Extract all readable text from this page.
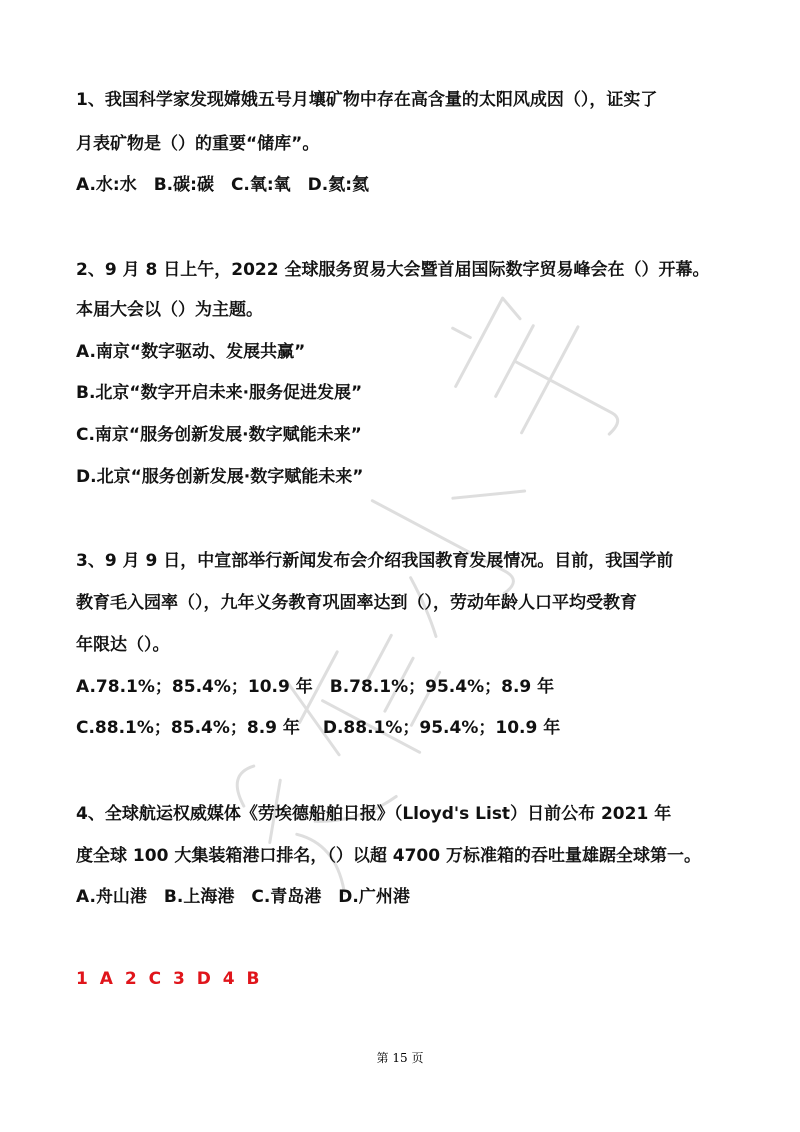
1、我国科学家发现嫦娥五号月壤矿物中存在高含量的太阳风成因（），证实了
月表矿物是（）的重要“储库”。
A.水:水　B.碳:碳　C.氧:氧　D.氦:氦
2、9 月 8 日上午，2022 全球服务贸易大会暨首届国际数字贸易峰会在（）开幕。
本届大会以（）为主题。
A.南京“数字驱动、发展共赢”
B.北京“数字开启未来·服务促进发展”
C.南京“服务创新发展·数字赋能未来”
D.北京“服务创新发展·数字赋能未来”
3、9 月 9 日，中宣部举行新闻发布会介绍我国教育发展情况。目前，我国学前
教育毛入园率（），九年义务教育巩固率达到（），劳动年龄人口平均受教育
年限达（）。
A.78.1%；85.4%；10.9 年　B.78.1%；95.4%；8.9 年
C.88.1%；85.4%；8.9 年　 D.88.1%；95.4%；10.9 年
4、全球航运权威媒体《劳埃德船舶日报》（Lloyd's List）日前公布 2021 年
度全球 100 大集装箱港口排名，（）以超 4700 万标准箱的吞吐量雄踞全球第一。
A.舟山港　B.上海港　C.青岛港　D.广州港
1 A 2 C 3 D 4 B
第 15 页
